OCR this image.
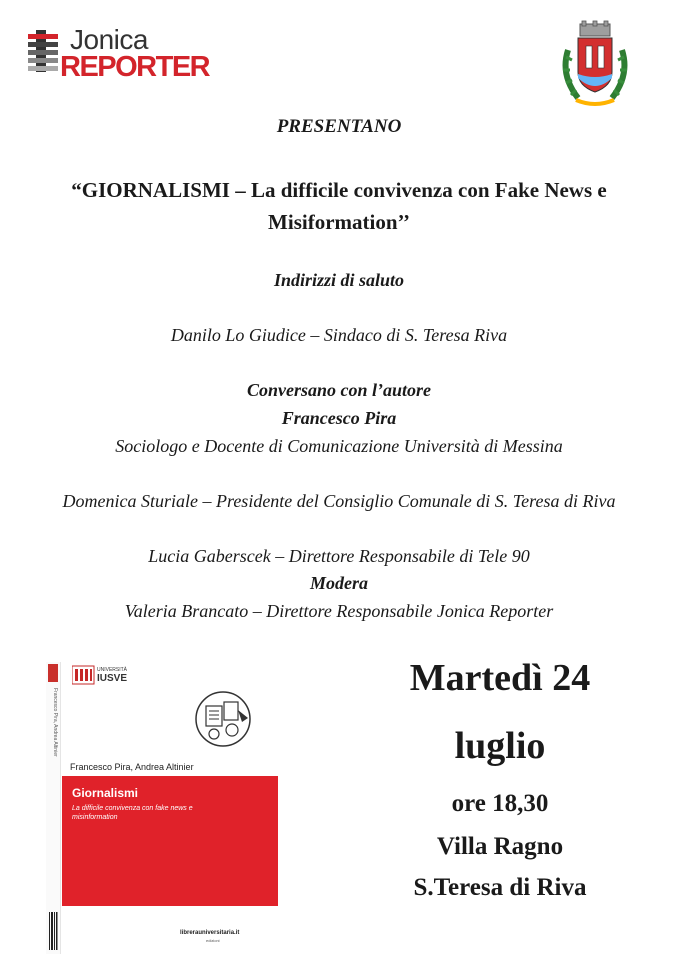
Jonica
REPORTER
PRESENTANO
“GIORNALISMI – La difficile convivenza con Fake News e
Misiformation’’
Indirizzi di saluto
Danilo Lo Giudice – Sindaco di S. Teresa Riva
Conversano con l’autore
Francesco Pira
Sociologo e Docente di Comunicazione Università di Messina
Domenica Sturiale – Presidente del Consiglio Comunale di S. Teresa di Riva
Lucia Gaberscek – Direttore Responsabile di Tele 90
Modera
Valeria Brancato – Direttore Responsabile Jonica Reporter
Francesco Pira, Andrea Altinier
UNIVERSITÀ
IUSVE
Francesco Pira, Andrea Altinier
Giornalismi
La difficile convivenza con fake news e misinformation
librerauniversitaria.it
edizioni
Martedì 24
luglio
ore 18,30
Villa Ragno
S.Teresa di Riva
